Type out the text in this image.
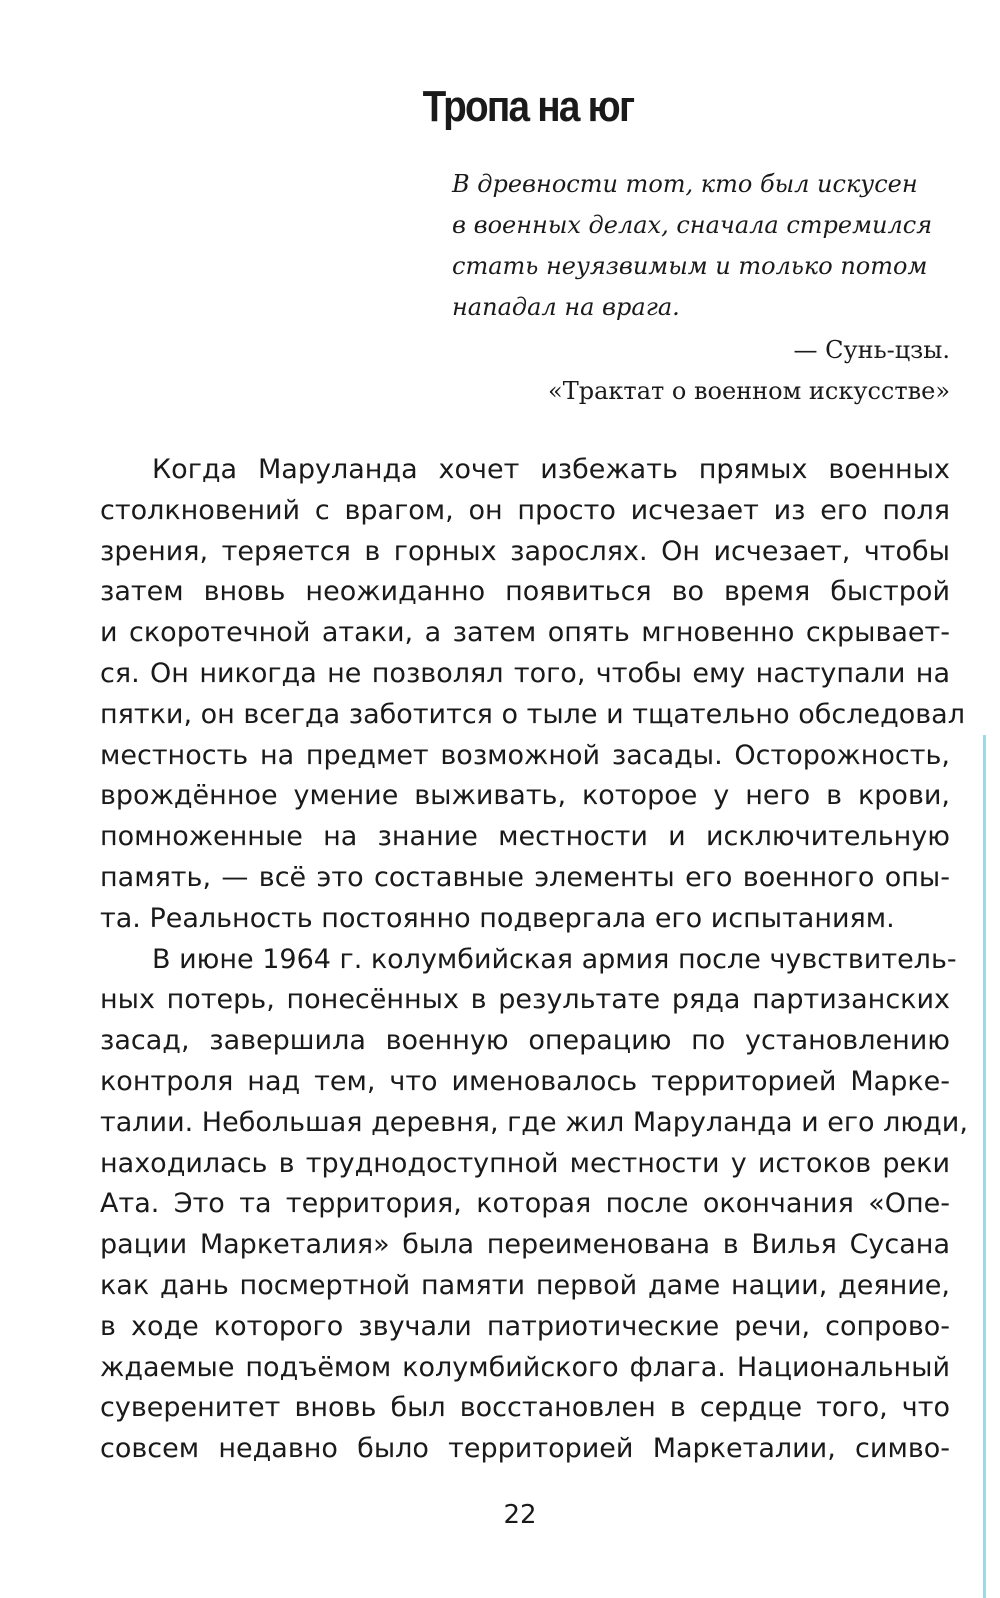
Тропа на юг
В древности тот, кто был искусен
в военных делах, сначала стремился
стать неуязвимым и только потом
нападал на врага.
— Сунь-цзы.
«Трактат о военном искусстве»
Когда Маруланда хочет избежать прямых военных
столкновений с врагом, он просто исчезает из его поля
зрения, теряется в горных зарослях. Он исчезает, чтобы
затем вновь неожиданно появиться во время быстрой
и скоротечной атаки, а затем опять мгновенно скрывает-
ся. Он никогда не позволял того, чтобы ему наступали на
пятки, он всегда заботится о тыле и тщательно обследовал
местность на предмет возможной засады. Осторожность,
врождённое умение выживать, которое у него в крови,
помноженные на знание местности и исключительную
память, — всё это составные элементы его военного опы-
та. Реальность постоянно подвергала его испытаниям.
В июне 1964 г. колумбийская армия после чувствитель-
ных потерь, понесённых в результате ряда партизанских
засад, завершила военную операцию по установлению
контроля над тем, что именовалось территорией Марке-
талии. Небольшая деревня, где жил Маруланда и его люди,
находилась в труднодоступной местности у истоков реки
Ата. Это та территория, которая после окончания «Опе-
рации Маркеталия» была переименована в Вилья Сусана
как дань посмертной памяти первой даме нации, деяние,
в ходе которого звучали патриотические речи, сопрово-
ждаемые подъёмом колумбийского флага. Национальный
суверенитет вновь был восстановлен в сердце того, что
совсем недавно было территорией Маркеталии, симво-
22
